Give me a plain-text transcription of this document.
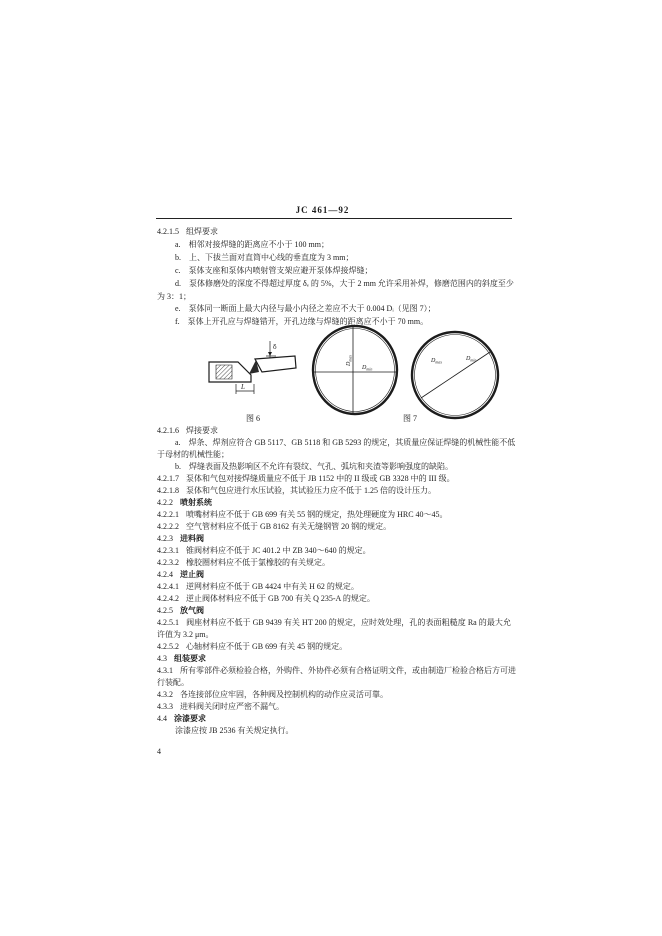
JC 461—92
4.2.1.5 组焊要求
a. 相邻对接焊缝的距离应不小于 100 mm；
b. 上、下拔兰面对直筒中心线的垂直度为 3 mm；
c. 泵体支座和泵体内喷射管支架应避开泵体焊接焊缝；
d. 泵体修磨处的深度不得超过厚度 δₑ 的 5%，大于 2 mm 允许采用补焊，修磨范围内的斜度至少
为 3：1；
e. 泵体同一断面上最大内径与最小内径之差应不大于 0.004 Dᵢ（见图 7）；
f. 泵体上开孔应与焊缝错开，开孔边缘与焊缝的距离应不小于 70 mm。
δ
L
图 6
$D_{max}$
$D_{min}$
$D_{max}$	$D_{min}$
图 7
4.2.1.6 焊接要求
a. 焊条、焊剂应符合 GB 5117、GB 5118 和 GB 5293 的规定，其质量应保证焊缝的机械性能不低
于母材的机械性能；
b. 焊缝表面及热影响区不允许有裂纹、气孔、弧坑和夹渣等影响强度的缺陷。
4.2.1.7 泵体和气包对接焊缝质量应不低于 JB 1152 中的 II 级或 GB 3328 中的 III 级。
4.2.1.8 泵体和气包应进行水压试验，其试验压力应不低于 1.25 倍的设计压力。
4.2.2 喷射系统
4.2.2.1 喷嘴材料应不低于 GB 699 有关 55 钢的规定，热处理硬度为 HRC 40～45。
4.2.2.2 空气管材料应不低于 GB 8162 有关无缝钢管 20 钢的规定。
4.2.3 进料阀
4.2.3.1 锥阀材料应不低于 JC 401.2 中 ZB 340～640 的规定。
4.2.3.2 橡胶圈材料应不低于氯橡胶的有关规定。
4.2.4 逆止阀
4.2.4.1 逆网材料应不低于 GB 4424 中有关 H 62 的规定。
4.2.4.2 逆止阀体材料应不低于 GB 700 有关 Q 235-A 的规定。
4.2.5 放气阀
4.2.5.1 阀座材料应不低于 GB 9439 有关 HT 200 的规定，应时效处理，孔的表面粗糙度 Ra 的最大允
许值为 3.2 μm。
4.2.5.2 心轴材料应不低于 GB 699 有关 45 钢的规定。
4.3 组装要求
4.3.1 所有零部件必须检验合格，外购件、外协件必须有合格证明文件，或由制造厂检验合格后方可进
行装配。
4.3.2 各连接部位应牢固，各种阀及控制机构的动作应灵活可靠。
4.3.3 进料阀关闭时应严密不漏气。
4.4 涂漆要求
涂漆应按 JB 2536 有关规定执行。
4
